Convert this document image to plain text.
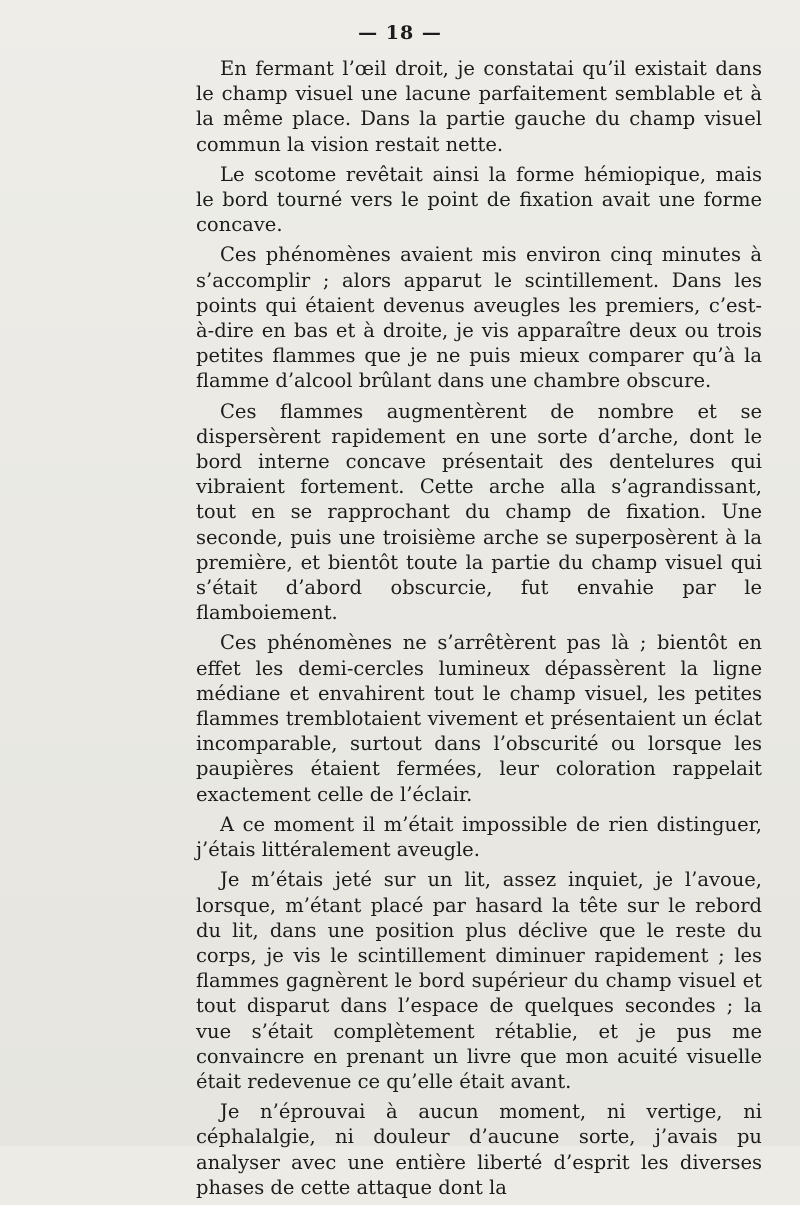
— 18 —

En fermant l’œil droit, je constatai qu’il existait dans le champ visuel une lacune parfaitement semblable et à la même place. Dans la partie gauche du champ visuel commun la vision restait nette.

Le scotome revêtait ainsi la forme hémiopique, mais le bord tourné vers le point de fixation avait une forme concave.

Ces phénomènes avaient mis environ cinq minutes à s’accomplir ; alors apparut le scintillement. Dans les points qui étaient devenus aveugles les premiers, c’est-à-dire en bas et à droite, je vis apparaître deux ou trois petites flammes que je ne puis mieux comparer qu’à la flamme d’alcool brûlant dans une chambre obscure.

Ces flammes augmentèrent de nombre et se dispersèrent rapidement en une sorte d’arche, dont le bord interne concave présentait des dentelures qui vibraient fortement. Cette arche alla s’agrandissant, tout en se rapprochant du champ de fixation. Une seconde, puis une troisième arche se superposèrent à la première, et bientôt toute la partie du champ visuel qui s’était d’abord obscurcie, fut envahie par le flamboiement.

Ces phénomènes ne s’arrêtèrent pas là ; bientôt en effet les demi-cercles lumineux dépassèrent la ligne médiane et envahirent tout le champ visuel, les petites flammes tremblotaient vivement et présentaient un éclat incomparable, surtout dans l’obscurité ou lorsque les paupières étaient fermées, leur coloration rappelait exactement celle de l’éclair.

A ce moment il m’était impossible de rien distinguer, j’étais littéralement aveugle.

Je m’étais jeté sur un lit, assez inquiet, je l’avoue, lorsque, m’étant placé par hasard la tête sur le rebord du lit, dans une position plus déclive que le reste du corps, je vis le scintillement diminuer rapidement ; les flammes gagnèrent le bord supérieur du champ visuel et tout disparut dans l’espace de quelques secondes ; la vue s’était complètement rétablie, et je pus me convaincre en prenant un livre que mon acuité visuelle était redevenue ce qu’elle était avant.

Je n’éprouvai à aucun moment, ni vertige, ni céphalalgie, ni douleur d’aucune sorte, j’avais pu analyser avec une entière liberté d’esprit les diverses phases de cette attaque dont la
